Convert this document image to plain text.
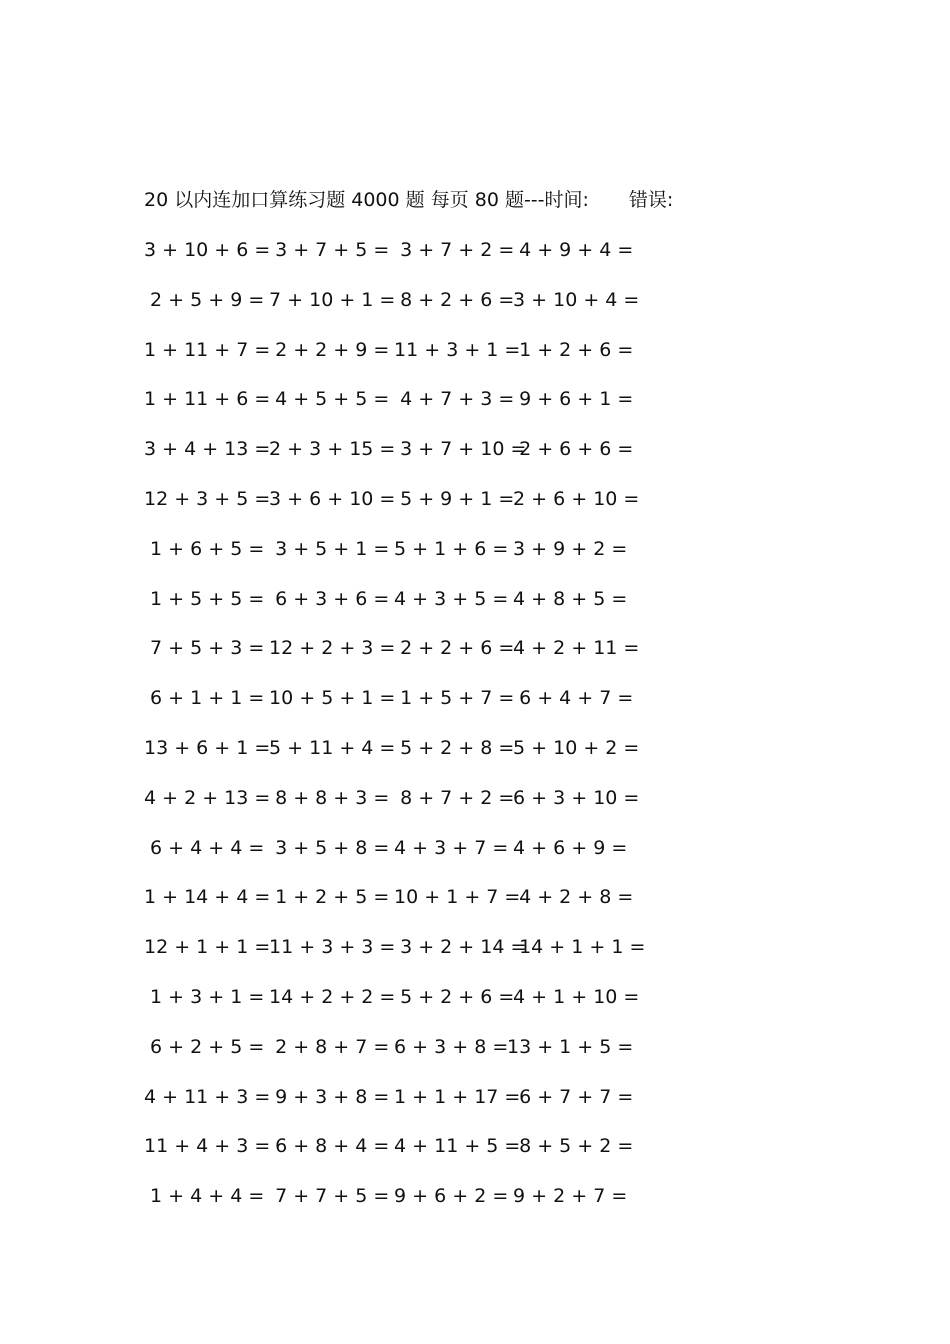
20 以内连加口算练习题 4000 题 每页 80 题---时间: 错误:
3 + 10 + 6 =
3 + 7 + 5 =
3 + 7 + 2 =
4 + 9 + 4 =
2 + 5 + 9 =
7 + 10 + 1 =
8 + 2 + 6 =
3 + 10 + 4 =
1 + 11 + 7 =
2 + 2 + 9 =
11 + 3 + 1 =
1 + 2 + 6 =
1 + 11 + 6 =
4 + 5 + 5 =
4 + 7 + 3 =
9 + 6 + 1 =
3 + 4 + 13 =
2 + 3 + 15 =
3 + 7 + 10 =
2 + 6 + 6 =
12 + 3 + 5 =
3 + 6 + 10 =
5 + 9 + 1 =
2 + 6 + 10 =
1 + 6 + 5 =
3 + 5 + 1 =
5 + 1 + 6 =
3 + 9 + 2 =
1 + 5 + 5 =
6 + 3 + 6 =
4 + 3 + 5 =
4 + 8 + 5 =
7 + 5 + 3 =
12 + 2 + 3 =
2 + 2 + 6 =
4 + 2 + 11 =
6 + 1 + 1 =
10 + 5 + 1 =
1 + 5 + 7 =
6 + 4 + 7 =
13 + 6 + 1 =
5 + 11 + 4 =
5 + 2 + 8 =
5 + 10 + 2 =
4 + 2 + 13 =
8 + 8 + 3 =
8 + 7 + 2 =
6 + 3 + 10 =
6 + 4 + 4 =
3 + 5 + 8 =
4 + 3 + 7 =
4 + 6 + 9 =
1 + 14 + 4 =
1 + 2 + 5 =
10 + 1 + 7 =
4 + 2 + 8 =
12 + 1 + 1 =
11 + 3 + 3 =
3 + 2 + 14 =
14 + 1 + 1 =
1 + 3 + 1 =
14 + 2 + 2 =
5 + 2 + 6 =
4 + 1 + 10 =
6 + 2 + 5 =
2 + 8 + 7 =
6 + 3 + 8 =
13 + 1 + 5 =
4 + 11 + 3 =
9 + 3 + 8 =
1 + 1 + 17 =
6 + 7 + 7 =
11 + 4 + 3 =
6 + 8 + 4 =
4 + 11 + 5 =
8 + 5 + 2 =
1 + 4 + 4 =
7 + 7 + 5 =
9 + 6 + 2 =
9 + 2 + 7 =
